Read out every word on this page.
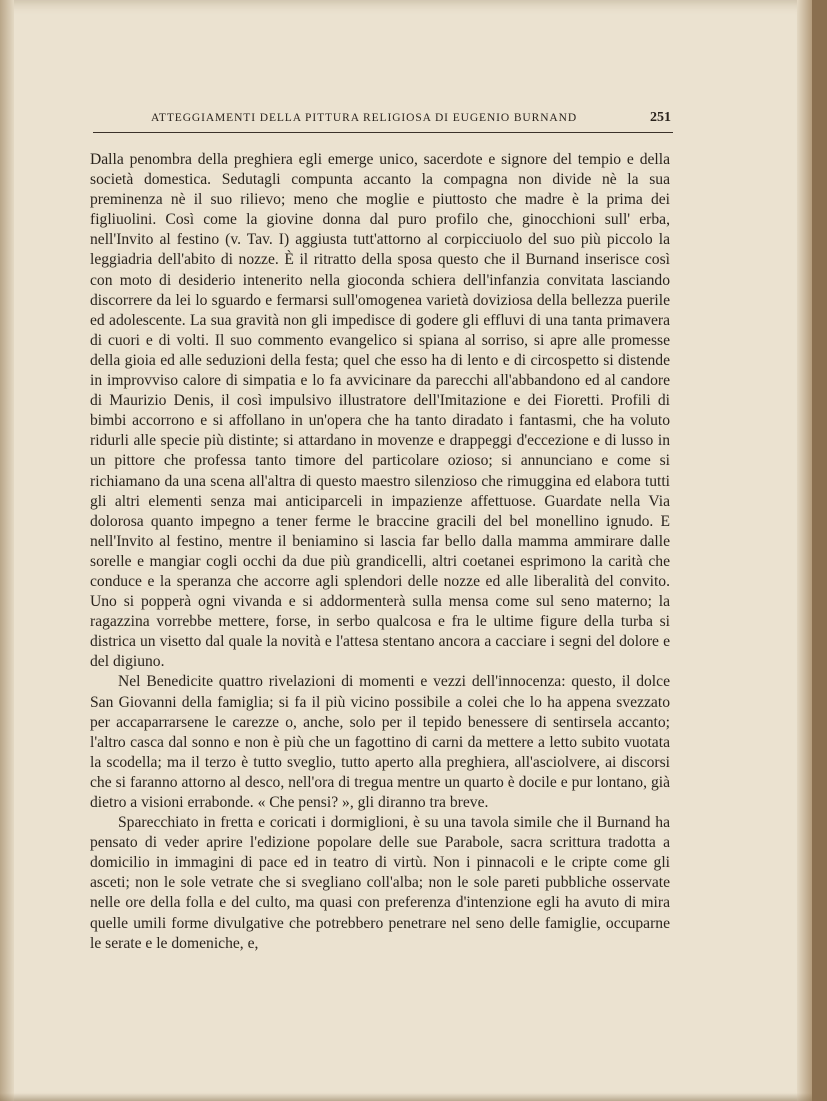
ATTEGGIAMENTI DELLA PITTURA RELIGIOSA DI EUGENIO BURNAND	251

Dalla penombra della preghiera egli emerge unico, sacerdote e signore del tempio e della società domestica. Sedutagli compunta accanto la compagna non divide nè la sua preminenza nè il suo rilievo; meno che moglie e piuttosto che madre è la prima dei figliuolini. Così come la giovine donna dal puro profilo che, ginocchioni sull' erba, nell'Invito al festino (v. Tav. I) aggiusta tutt'attorno al corpicciuolo del suo più piccolo la leggiadria dell'abito di nozze. È il ritratto della sposa questo che il Burnand inserisce così con moto di desiderio intenerito nella gioconda schiera dell'infanzia convitata lasciando discorrere da lei lo sguardo e fermarsi sull'omogenea varietà doviziosa della bellezza puerile ed adolescente. La sua gravità non gli impedisce di godere gli effluvi di una tanta primavera di cuori e di volti. Il suo commento evangelico si spiana al sorriso, si apre alle promesse della gioia ed alle seduzioni della festa; quel che esso ha di lento e di circospetto si distende in improvviso calore di simpatia e lo fa avvicinare da parecchi all'abbandono ed al candore di Maurizio Denis, il così impulsivo illustratore dell'Imitazione e dei Fioretti. Profili di bimbi accorrono e si affollano in un'opera che ha tanto diradato i fantasmi, che ha voluto ridurli alle specie più distinte; si attardano in movenze e drappeggi d'eccezione e di lusso in un pittore che professa tanto timore del particolare ozioso; si annunciano e come si richiamano da una scena all'altra di questo maestro silenzioso che rimuggina ed elabora tutti gli altri elementi senza mai anticiparceli in impazienze affettuose. Guardate nella Via dolorosa quanto impegno a tener ferme le braccine gracili del bel monellino ignudo. E nell'Invito al festino, mentre il beniamino si lascia far bello dalla mamma ammirare dalle sorelle e mangiar cogli occhi da due più grandicelli, altri coetanei esprimono la carità che conduce e la speranza che accorre agli splendori delle nozze ed alle liberalità del convito. Uno si popperà ogni vivanda e si addormenterà sulla mensa come sul seno materno; la ragazzina vorrebbe mettere, forse, in serbo qualcosa e fra le ultime figure della turba si districa un visetto dal quale la novità e l'attesa stentano ancora a cacciare i segni del dolore e del digiuno.

Nel Benedicite quattro rivelazioni di momenti e vezzi dell'innocenza: questo, il dolce San Giovanni della famiglia; si fa il più vicino possibile a colei che lo ha appena svezzato per accaparrarsene le carezze o, anche, solo per il tepido benessere di sentirsela accanto; l'altro casca dal sonno e non è più che un fagottino di carni da mettere a letto subito vuotata la scodella; ma il terzo è tutto sveglio, tutto aperto alla preghiera, all'asciolvere, ai discorsi che si faranno attorno al desco, nell'ora di tregua mentre un quarto è docile e pur lontano, già dietro a visioni errabonde. « Che pensi? », gli diranno tra breve.

Sparecchiato in fretta e coricati i dormiglioni, è su una tavola simile che il Burnand ha pensato di veder aprire l'edizione popolare delle sue Parabole, sacra scrittura tradotta a domicilio in immagini di pace ed in teatro di virtù. Non i pinnacoli e le cripte come gli asceti; non le sole vetrate che si svegliano coll'alba; non le sole pareti pubbliche osservate nelle ore della folla e del culto, ma quasi con preferenza d'intenzione egli ha avuto di mira quelle umili forme divulgative che potrebbero penetrare nel seno delle famiglie, occuparne le serate e le domeniche, e,
